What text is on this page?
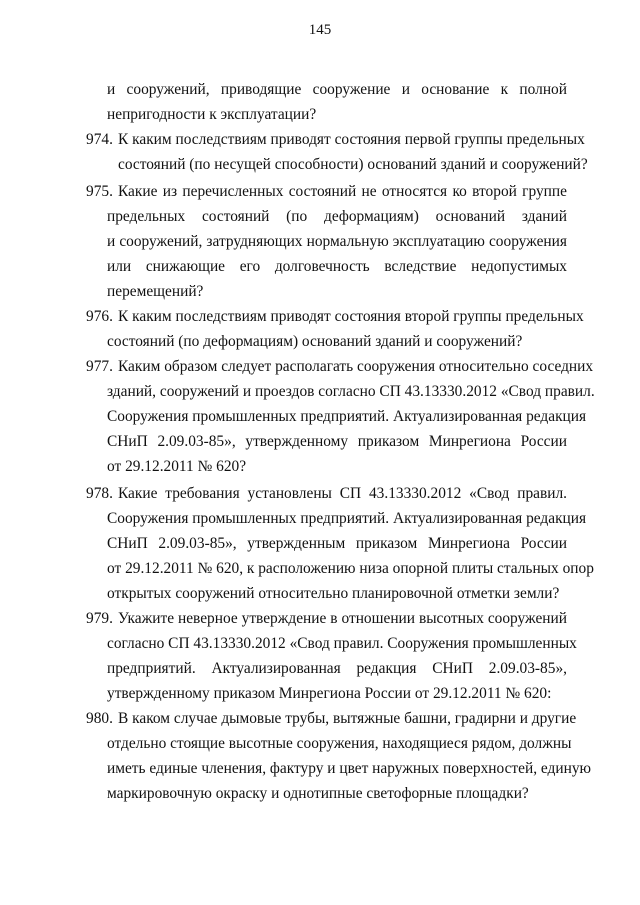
145
и сооружений, приводящие сооружение и основание к полной
непригодности к эксплуатации?
974. К каким последствиям приводят состояния первой группы предельных
состояний (по несущей способности) оснований зданий и сооружений?
975. Какие из перечисленных состояний не относятся ко второй группе
предельных состояний (по деформациям) оснований зданий
и сооружений, затрудняющих нормальную эксплуатацию сооружения
или снижающие его долговечность вследствие недопустимых
перемещений?
976. К каким последствиям приводят состояния второй группы предельных
состояний (по деформациям) оснований зданий и сооружений?
977. Каким образом следует располагать сооружения относительно соседних
зданий, сооружений и проездов согласно СП 43.13330.2012 «Свод правил.
Сооружения промышленных предприятий. Актуализированная редакция
СНиП 2.09.03-85», утвержденному приказом Минрегиона России
от 29.12.2011 № 620?
978. Какие требования установлены СП 43.13330.2012 «Свод правил.
Сооружения промышленных предприятий. Актуализированная редакция
СНиП 2.09.03-85», утвержденным приказом Минрегиона России
от 29.12.2011 № 620, к расположению низа опорной плиты стальных опор
открытых сооружений относительно планировочной отметки земли?
979. Укажите неверное утверждение в отношении высотных сооружений
согласно СП 43.13330.2012 «Свод правил. Сооружения промышленных
предприятий. Актуализированная редакция СНиП 2.09.03-85»,
утвержденному приказом Минрегиона России от 29.12.2011 № 620:
980. В каком случае дымовые трубы, вытяжные башни, градирни и другие
отдельно стоящие высотные сооружения, находящиеся рядом, должны
иметь единые членения, фактуру и цвет наружных поверхностей, единую
маркировочную окраску и однотипные светофорные площадки?
